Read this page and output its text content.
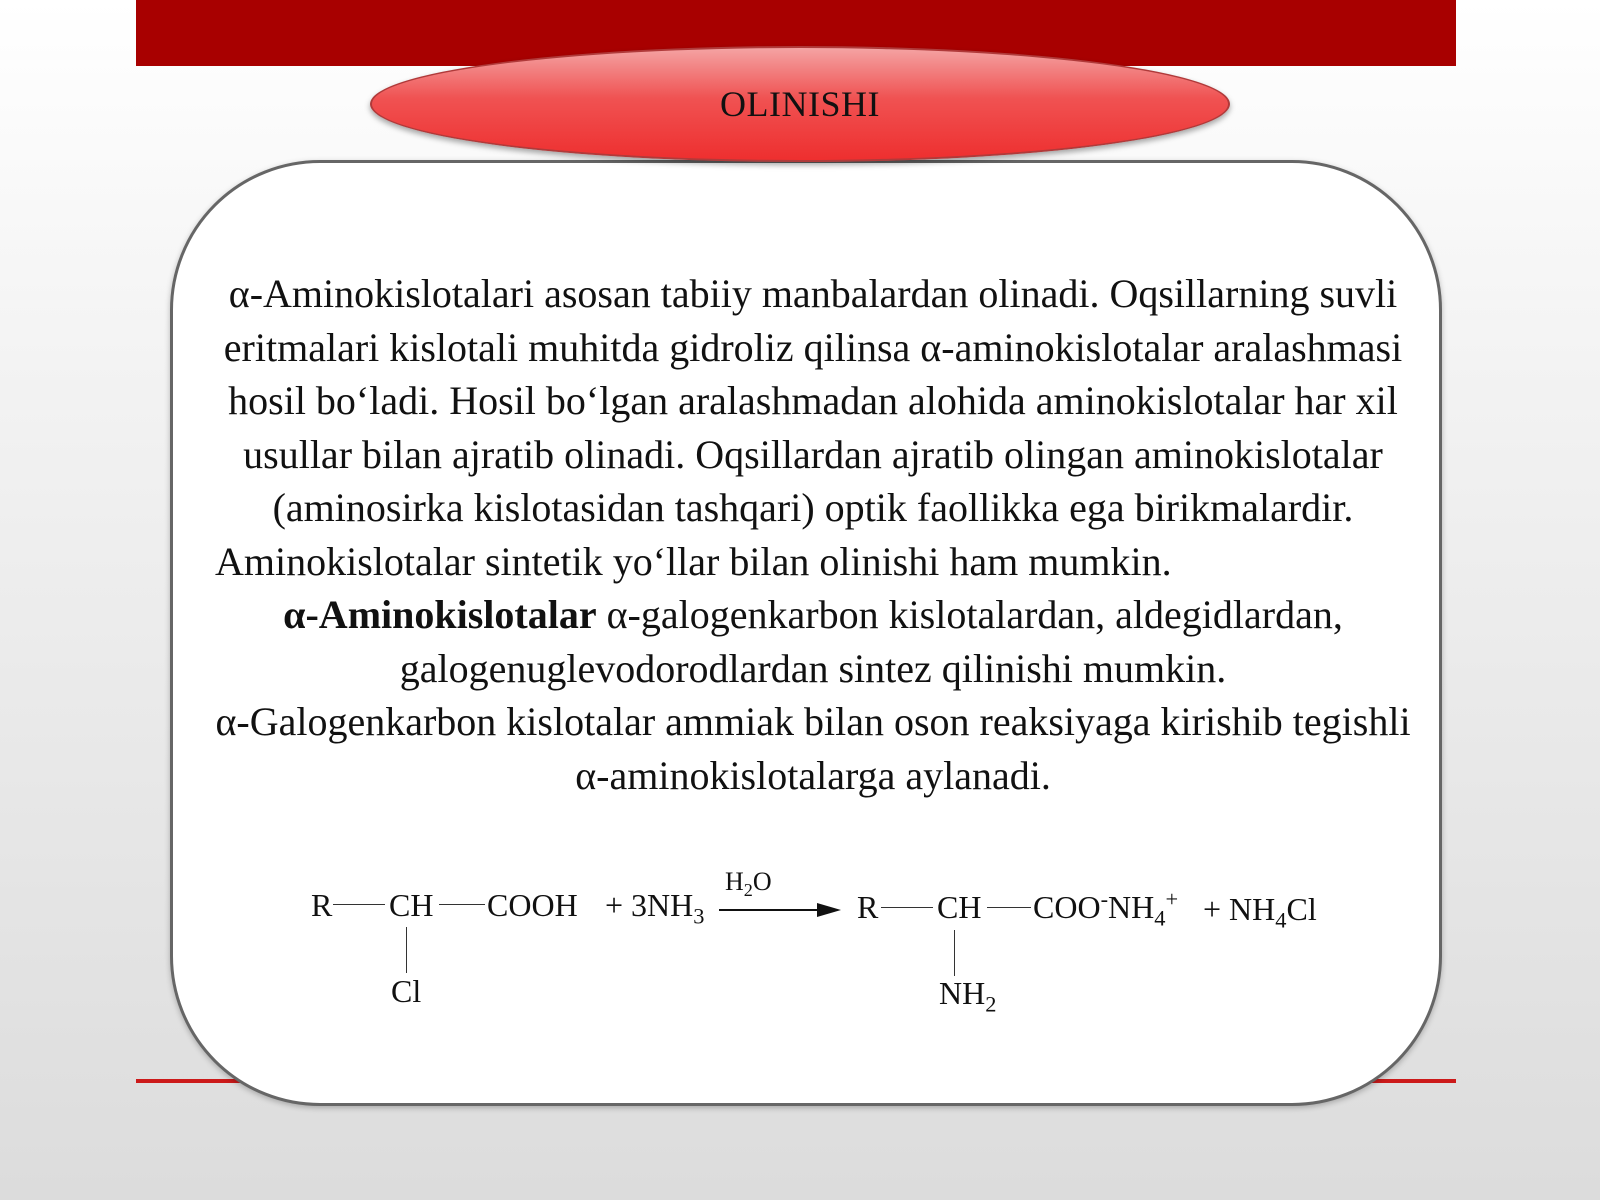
α-Aminokislotalari asosan tabiiy manbalardan olinadi. Oqsillarning suvli eritmalari kislotali muhitda gidroliz qilinsa α-aminokislotalar aralashmasi hosil bo‘ladi. Hosil bo‘lgan aralashmadan alohida aminokislotalar har xil usullar bilan ajratib olinadi. Oqsillardan ajratib olingan aminokislotalar (aminosirka kislotasidan tashqari) optik faollikka ega birikmalardir.

Aminokislotalar sintetik yo‘llar bilan olinishi ham mumkin.

α-Aminokislotalar α-galogenkarbon kislotalardan, aldegidlardan, galogenuglevodorodlardan sintez qilinishi mumkin.

α-Galogenkarbon kislotalar ammiak bilan oson reaksiyaga kirishib tegishli α-aminokislotalarga aylanadi.

R CH COOH
Cl
+ $3NH_3$
$H_2O$
R CH $COO^-NH_4^+$
$NH_2$
+ $NH_4Cl$
OLINISHI
